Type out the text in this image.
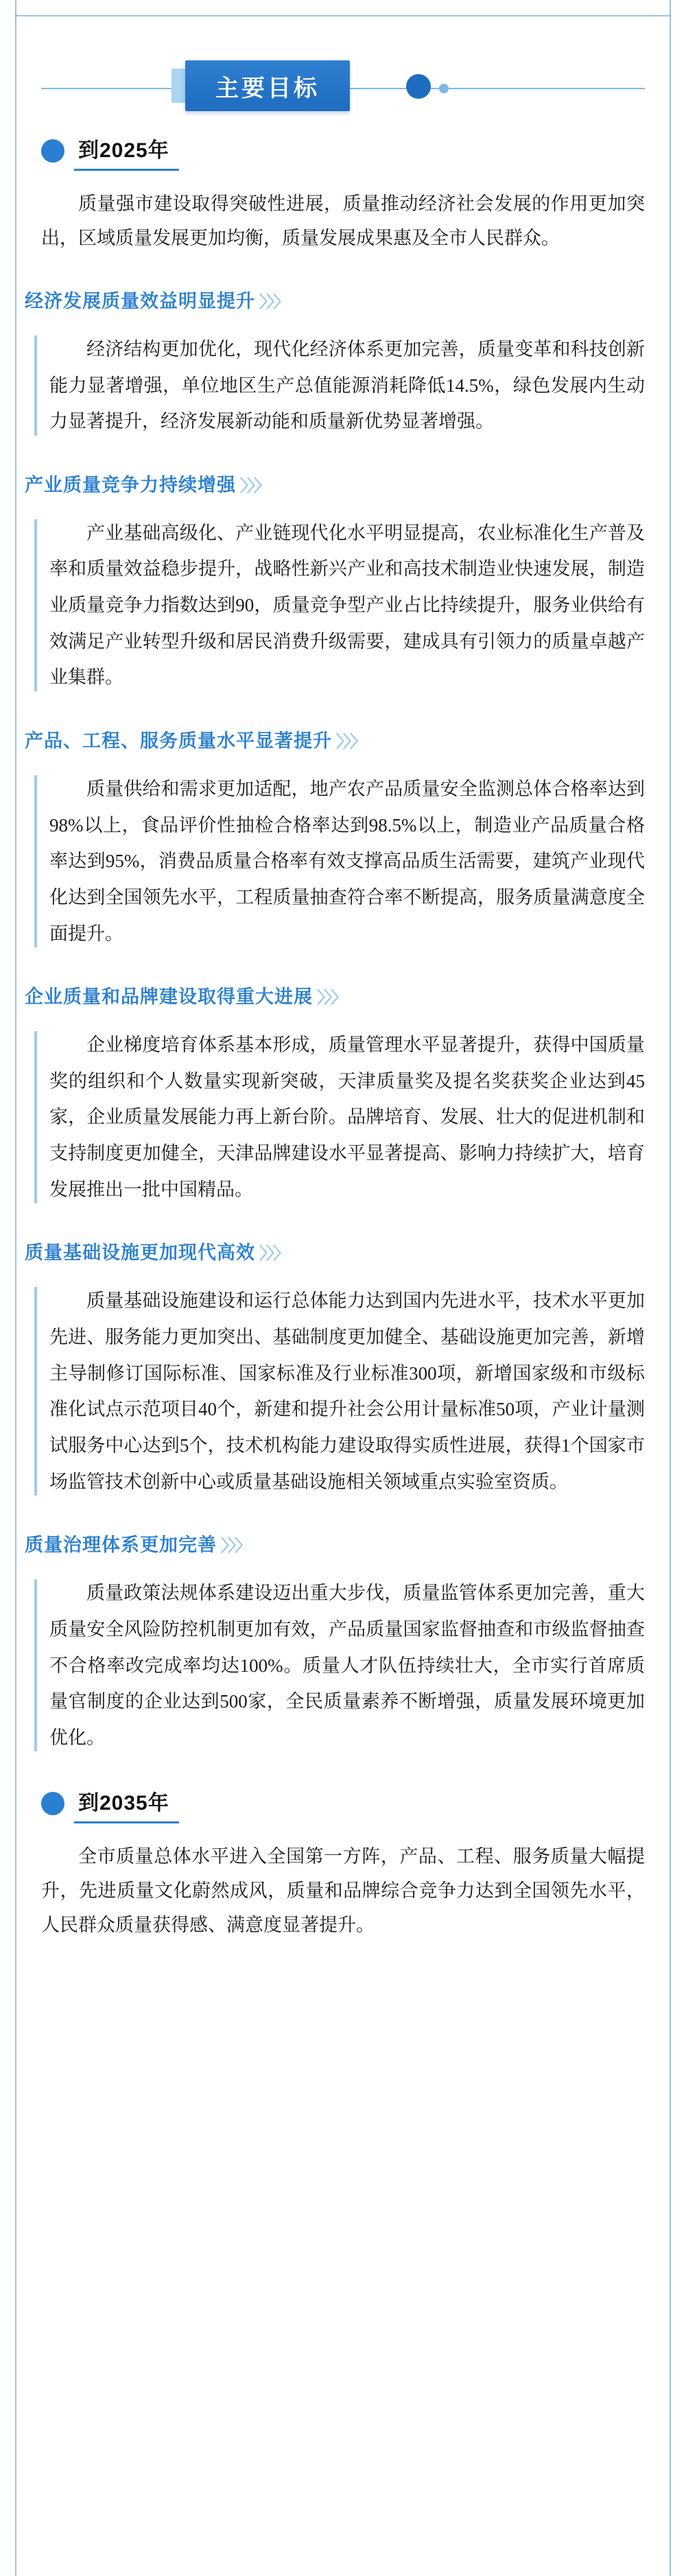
主要目标
到2025年

质量强市建设取得突破性进展，质量推动经济社会发展的作用更加突出，区域质量发展更加均衡，质量发展成果惠及全市人民群众。

经济发展质量效益明显提升 〉〉〉

经济结构更加优化，现代化经济体系更加完善，质量变革和科技创新能力显著增强，单位地区生产总值能源消耗降低14.5%，绿色发展内生动力显著提升，经济发展新动能和质量新优势显著增强。

产业质量竞争力持续增强 〉〉〉

产业基础高级化、产业链现代化水平明显提高，农业标准化生产普及率和质量效益稳步提升，战略性新兴产业和高技术制造业快速发展，制造业质量竞争力指数达到90，质量竞争型产业占比持续提升，服务业供给有效满足产业转型升级和居民消费升级需要，建成具有引领力的质量卓越产业集群。

产品、工程、服务质量水平显著提升 〉〉〉

质量供给和需求更加适配，地产农产品质量安全监测总体合格率达到98%以上，食品评价性抽检合格率达到98.5%以上，制造业产品质量合格率达到95%，消费品质量合格率有效支撑高品质生活需要，建筑产业现代化达到全国领先水平，工程质量抽查符合率不断提高，服务质量满意度全面提升。

企业质量和品牌建设取得重大进展 〉〉〉

企业梯度培育体系基本形成，质量管理水平显著提升，获得中国质量奖的组织和个人数量实现新突破，天津质量奖及提名奖获奖企业达到45家，企业质量发展能力再上新台阶。品牌培育、发展、壮大的促进机制和支持制度更加健全，天津品牌建设水平显著提高、影响力持续扩大，培育发展推出一批中国精品。

质量基础设施更加现代高效 〉〉〉

质量基础设施建设和运行总体能力达到国内先进水平，技术水平更加先进、服务能力更加突出、基础制度更加健全、基础设施更加完善，新增主导制修订国际标准、国家标准及行业标准300项，新增国家级和市级标准化试点示范项目40个，新建和提升社会公用计量标准50项，产业计量测试服务中心达到5个，技术机构能力建设取得实质性进展，获得1个国家市场监管技术创新中心或质量基础设施相关领域重点实验室资质。

质量治理体系更加完善 〉〉〉

质量政策法规体系建设迈出重大步伐，质量监管体系更加完善，重大质量安全风险防控机制更加有效，产品质量国家监督抽查和市级监督抽查不合格率改完成率均达100%。质量人才队伍持续壮大，全市实行首席质量官制度的企业达到500家，全民质量素养不断增强，质量发展环境更加优化。

到2035年

全市质量总体水平进入全国第一方阵，产品、工程、服务质量大幅提升，先进质量文化蔚然成风，质量和品牌综合竞争力达到全国领先水平，人民群众质量获得感、满意度显著提升。
